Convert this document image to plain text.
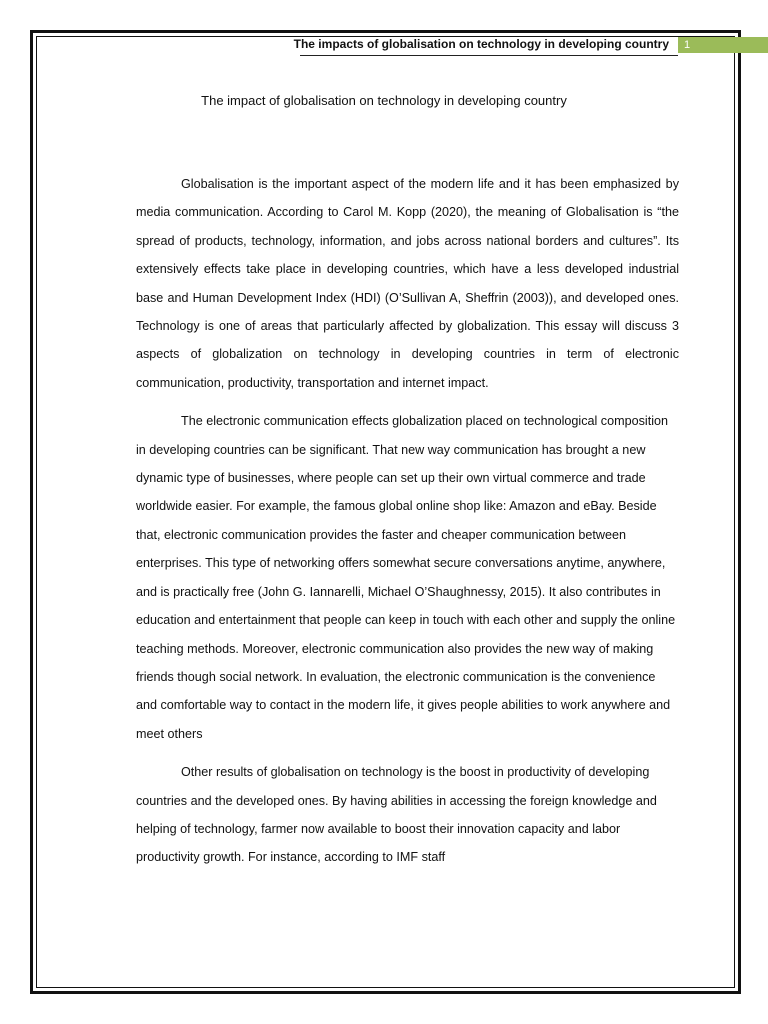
The impacts of globalisation on technology in developing country	1
The impact of globalisation on technology in developing country

Globalisation is the important aspect of the modern life and it has been emphasized by media communication. According to Carol M. Kopp (2020), the meaning of Globalisation is “the spread of products, technology, information, and jobs across national borders and cultures”. Its extensively effects take place in developing countries, which have a less developed industrial base and Human Development Index (HDI) (O’Sullivan A, Sheffrin (2003)), and developed ones. Technology is one of areas that particularly affected by globalization. This essay will discuss 3 aspects of globalization on technology in developing countries in term of electronic communication, productivity, transportation and internet impact.

The electronic communication effects globalization placed on technological composition in developing countries can be significant. That new way communication has brought a new dynamic type of businesses, where people can set up their own virtual commerce and trade worldwide easier. For example, the famous global online shop like: Amazon and eBay. Beside that, electronic communication provides the faster and cheaper communication between enterprises. This type of networking offers somewhat secure conversations anytime, anywhere, and is practically free (John G. Iannarelli, Michael O’Shaughnessy, 2015). It also contributes in education and entertainment that people can keep in touch with each other and supply the online teaching methods. Moreover, electronic communication also provides the new way of making friends though social network. In evaluation, the electronic communication is the convenience and comfortable way to contact in the modern life, it gives people abilities to work anywhere and meet others

Other results of globalisation on technology is the boost in productivity of developing countries and the developed ones. By having abilities in accessing the foreign knowledge and helping of technology, farmer now available to boost their innovation capacity and labor productivity growth. For instance, according to IMF staff
